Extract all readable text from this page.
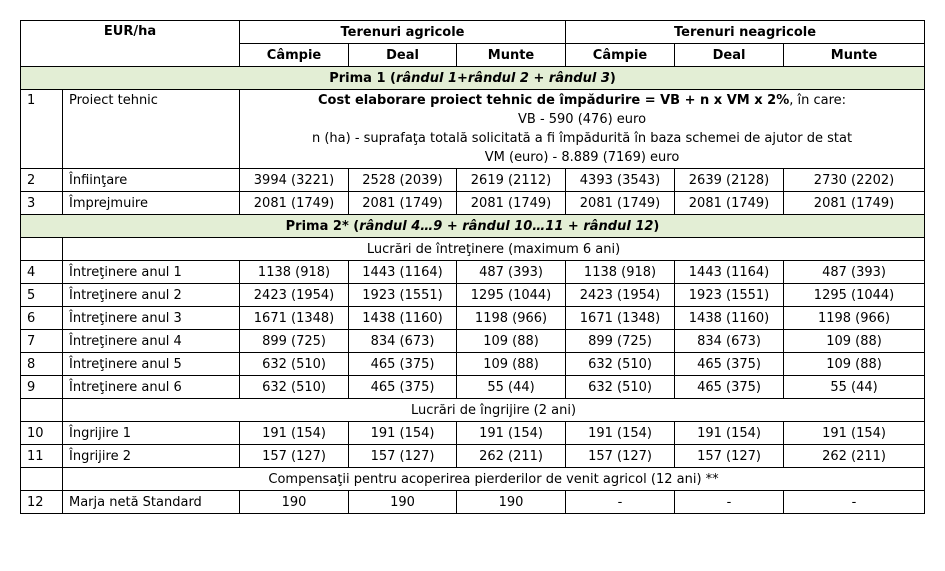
EUR/ha		Terenuri agricole			Terenuri neagricole		
		Câmpie	Deal	Munte	Câmpie	Deal	Munte
Prima 1 (rândul 1+rândul 2 + rândul 3)							
1	Proiect tehnic	Cost elaborare proiect tehnic de împădurire = VB + n x VM x 2%, în care:
VB - 590 (476) euro
n (ha) - suprafaţa totală solicitată a fi împădurită în baza schemei de ajutor de stat
VM (euro) - 8.889 (7169) euro					

2	Înfiinţare	3994 (3221)	2528 (2039)	2619 (2112)	4393 (3543)	2639 (2128)	2730 (2202)
3	Împrejmuire	2081 (1749)	2081 (1749)	2081 (1749)	2081 (1749)	2081 (1749)	2081 (1749)
Prima 2* (rândul 4…9 + rândul 10…11 + rândul 12)							
	Lucrări de întreţinere (maximum 6 ani)						
4	Întreţinere anul 1	1138 (918)	1443 (1164)	487 (393)	1138 (918)	1443 (1164)	487 (393)
5	Întreţinere anul 2	2423 (1954)	1923 (1551)	1295 (1044)	2423 (1954)	1923 (1551)	1295 (1044)
6	Întreţinere anul 3	1671 (1348)	1438 (1160)	1198 (966)	1671 (1348)	1438 (1160)	1198 (966)
7	Întreţinere anul 4	899 (725)	834 (673)	109 (88)	899 (725)	834 (673)	109 (88)
8	Întreţinere anul 5	632 (510)	465 (375)	109 (88)	632 (510)	465 (375)	109 (88)
9	Întreţinere anul 6	632 (510)	465 (375)	55 (44)	632 (510)	465 (375)	55 (44)
	Lucrări de îngrijire (2 ani)						
10	Îngrijire 1	191 (154)	191 (154)	191 (154)	191 (154)	191 (154)	191 (154)
11	Îngrijire 2	157 (127)	157 (127)	262 (211)	157 (127)	157 (127)	262 (211)
	Compensaţii pentru acoperirea pierderilor de venit agricol (12 ani) **						
12	Marja netă Standard	190	190	190	-	-	-
